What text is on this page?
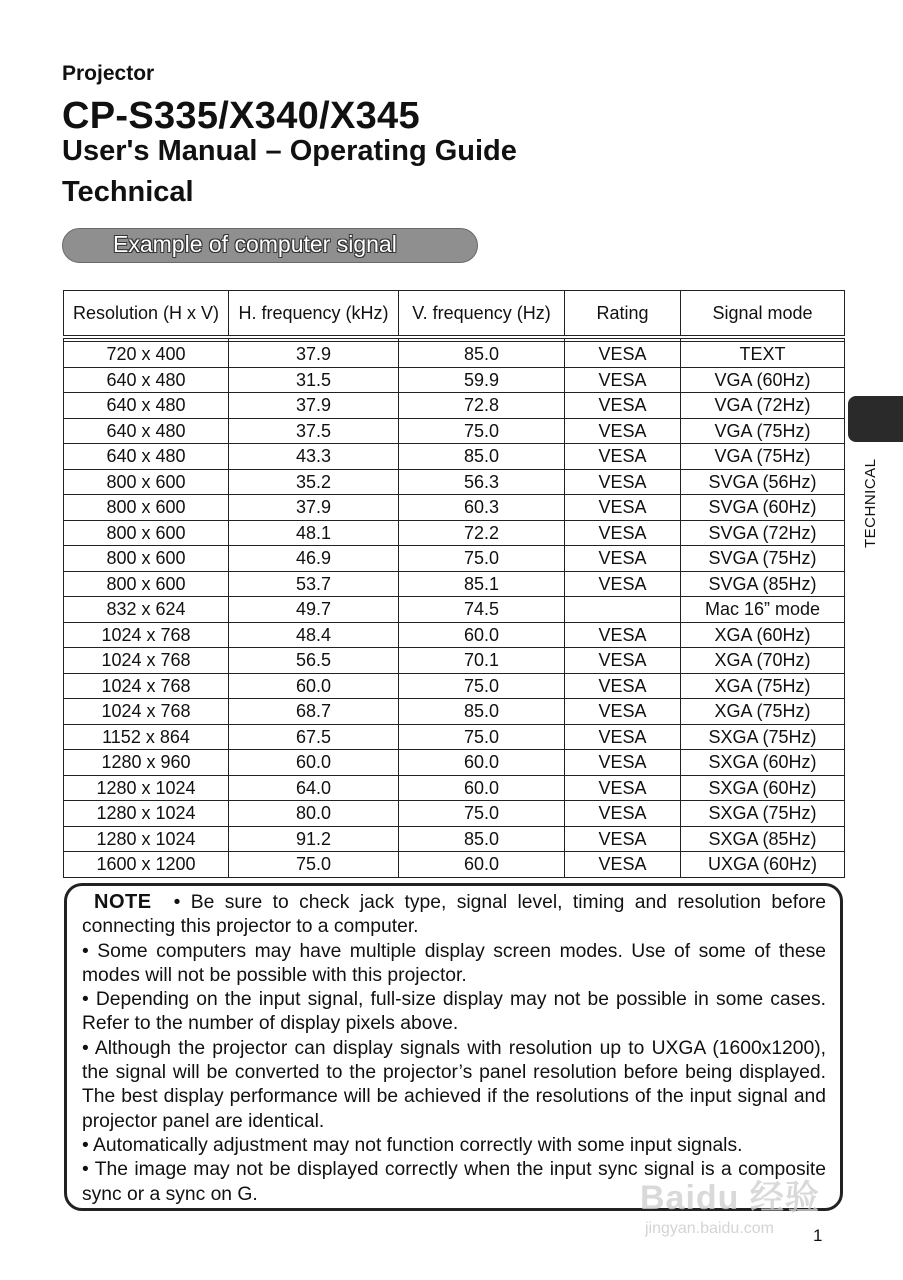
Projector
CP-S335/X340/X345
User's Manual – Operating Guide
Technical
Example of computer signal
Resolution (H x V)	H. frequency (kHz)	V. frequency (Hz)	Rating	Signal mode

720 x 400	37.9	85.0	VESA	TEXT
640 x 480	31.5	59.9	VESA	VGA (60Hz)
640 x 480	37.9	72.8	VESA	VGA (72Hz)
640 x 480	37.5	75.0	VESA	VGA (75Hz)
640 x 480	43.3	85.0	VESA	VGA (75Hz)
800 x 600	35.2	56.3	VESA	SVGA (56Hz)
800 x 600	37.9	60.3	VESA	SVGA (60Hz)
800 x 600	48.1	72.2	VESA	SVGA (72Hz)
800 x 600	46.9	75.0	VESA	SVGA (75Hz)
800 x 600	53.7	85.1	VESA	SVGA (85Hz)
832 x 624	49.7	74.5		Mac 16” mode
1024 x 768	48.4	60.0	VESA	XGA (60Hz)
1024 x 768	56.5	70.1	VESA	XGA (70Hz)
1024 x 768	60.0	75.0	VESA	XGA (75Hz)
1024 x 768	68.7	85.0	VESA	XGA (75Hz)
1152 x 864	67.5	75.0	VESA	SXGA (75Hz)
1280 x 960	60.0	60.0	VESA	SXGA (60Hz)
1280 x 1024	64.0	60.0	VESA	SXGA (60Hz)
1280 x 1024	80.0	75.0	VESA	SXGA (75Hz)
1280 x 1024	91.2	85.0	VESA	SXGA (85Hz)
1600 x 1200	75.0	60.0	VESA	UXGA (60Hz)
TECHNICAL

NOTE • Be sure to check jack type, signal level, timing and resolution before connecting this projector to a computer.

• Some computers may have multiple display screen modes. Use of some of these modes will not be possible with this projector.

• Depending on the input signal, full-size display may not be possible in some cases. Refer to the number of display pixels above.

• Although the projector can display signals with resolution up to UXGA (1600x1200), the signal will be converted to the projector’s panel resolution before being displayed. The best display performance will be achieved if the resolutions of the input signal and projector panel are identical.

• Automatically adjustment may not function correctly with some input signals.

• The image may not be displayed correctly when the input sync signal is a composite sync or a sync on G.	Baidu 经验
jingyan.baidu.com 1
